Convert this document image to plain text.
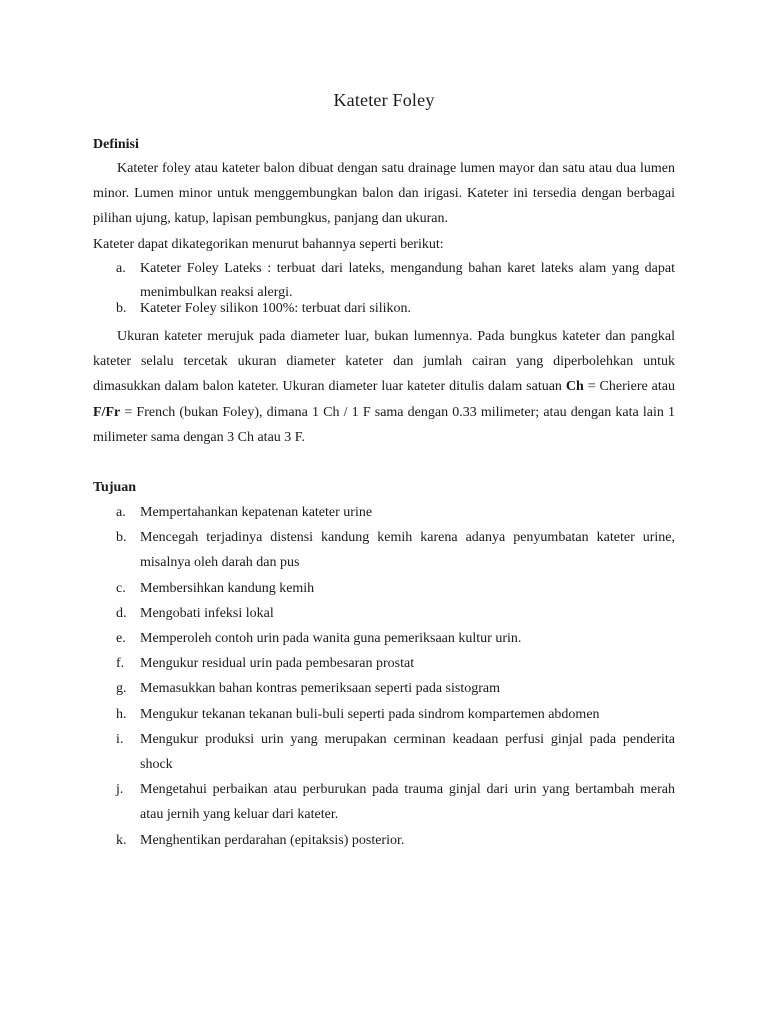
Kateter Foley
Definisi

Kateter foley atau kateter balon dibuat dengan satu drainage lumen mayor dan satu atau dua lumen minor. Lumen minor untuk menggembungkan balon dan irigasi. Kateter ini tersedia dengan berbagai pilihan ujung, katup, lapisan pembungkus, panjang dan ukuran.

Kateter dapat dikategorikan menurut bahannya seperti berikut:

a. Kateter Foley Lateks : terbuat dari lateks, mengandung bahan karet lateks alam yang dapat menimbulkan reaksi alergi.
b. Kateter Foley silikon 100%: terbuat dari silikon.

Ukuran kateter merujuk pada diameter luar, bukan lumennya. Pada bungkus kateter dan pangkal kateter selalu tercetak ukuran diameter kateter dan jumlah cairan yang diperbolehkan untuk dimasukkan dalam balon kateter. Ukuran diameter luar kateter ditulis dalam satuan Ch = Cheriere atau F/Fr = French (bukan Foley), dimana 1 Ch / 1 F sama dengan 0.33 milimeter; atau dengan kata lain 1 milimeter sama dengan 3 Ch atau 3 F.

Tujuan
a. Mempertahankan kepatenan kateter urine
b. Mencegah terjadinya distensi kandung kemih karena adanya penyumbatan kateter urine, misalnya oleh darah dan pus
c. Membersihkan kandung kemih
d. Mengobati infeksi lokal
e. Memperoleh contoh urin pada wanita guna pemeriksaan kultur urin.
f. Mengukur residual urin pada pembesaran prostat
g. Memasukkan bahan kontras pemeriksaan seperti pada sistogram
h. Mengukur tekanan tekanan buli-buli seperti pada sindrom kompartemen abdomen
i. Mengukur produksi urin yang merupakan cerminan keadaan perfusi ginjal pada penderita shock
j. Mengetahui perbaikan atau perburukan pada trauma ginjal dari urin yang bertambah merah atau jernih yang keluar dari kateter.
k. Menghentikan perdarahan (epitaksis) posterior.
